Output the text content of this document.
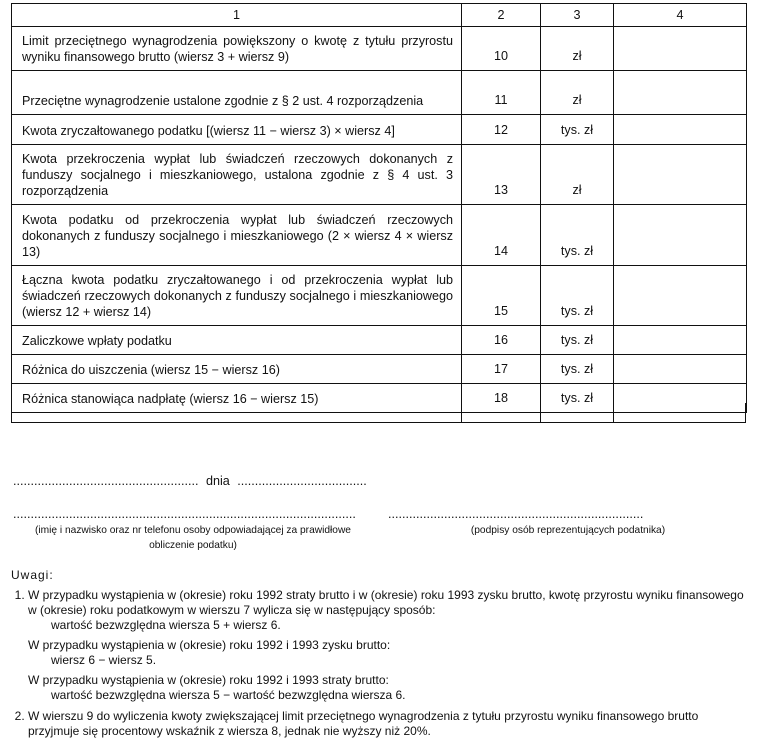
1	2	3	4
Limit przeciętnego wynagrodzenia powiększony o kwotę z tytułu przyrostu wyniku finansowego brutto (wiersz 3 + wiersz 9)	10	zł	
Przeciętne wynagrodzenie ustalone zgodnie z § 2 ust. 4 rozporządzenia	11	zł	
Kwota zryczałtowanego podatku [(wiersz 11 − wiersz 3) × wiersz 4]	12	tys. zł	
Kwota przekroczenia wypłat lub świadczeń rzeczowych dokonanych z funduszy socjalnego i mieszkaniowego, ustalona zgodnie z § 4 ust. 3 rozporządzenia	13	zł	
Kwota podatku od przekroczenia wypłat lub świadczeń rzeczowych dokonanych z funduszy socjalnego i mieszkaniowego (2 × wiersz 4 × wiersz 13)	14	tys. zł	
Łączna kwota podatku zryczałtowanego i od przekroczenia wypłat lub świadczeń rzeczowych dokonanych z funduszy socjalnego i mieszkaniowego (wiersz 12 + wiersz 14)	15	tys. zł	
Zaliczkowe wpłaty podatku	16	tys. zł	
Różnica do uiszczenia (wiersz 15 − wiersz 16)	17	tys. zł	
Różnica stanowiąca nadpłatę (wiersz 16 − wiersz 15)	18	tys. zł	
..................................................... dnia .....................................
..................................................................................................
(imię i nazwisko oraz nr telefonu osoby odpowiadającej za prawidłowe
obliczenie podatku)
.........................................................................
(podpisy osób reprezentujących podatnika)
Uwagi:

1. W przypadku wystąpienia w (okresie) roku 1992 straty brutto i w (okresie) roku 1993 zysku brutto, kwotę przyrostu wyniku finansowego w (okresie) roku podatkowym w wierszu 7 wylicza się w następujący sposób:

wartość bezwzględna wiersza 5 + wiersz 6.

W przypadku wystąpienia w (okresie) roku 1992 i 1993 zysku brutto:

wiersz 6 − wiersz 5.

W przypadku wystąpienia w (okresie) roku 1992 i 1993 straty brutto:

wartość bezwzględna wiersza 5 − wartość bezwzględna wiersza 6.

2. W wierszu 9 do wyliczenia kwoty zwiększającej limit przeciętnego wynagrodzenia z tytułu przyrostu wyniku finansowego brutto przyjmuje się procentowy wskaźnik z wiersza 8, jednak nie wyższy niż 20%.
